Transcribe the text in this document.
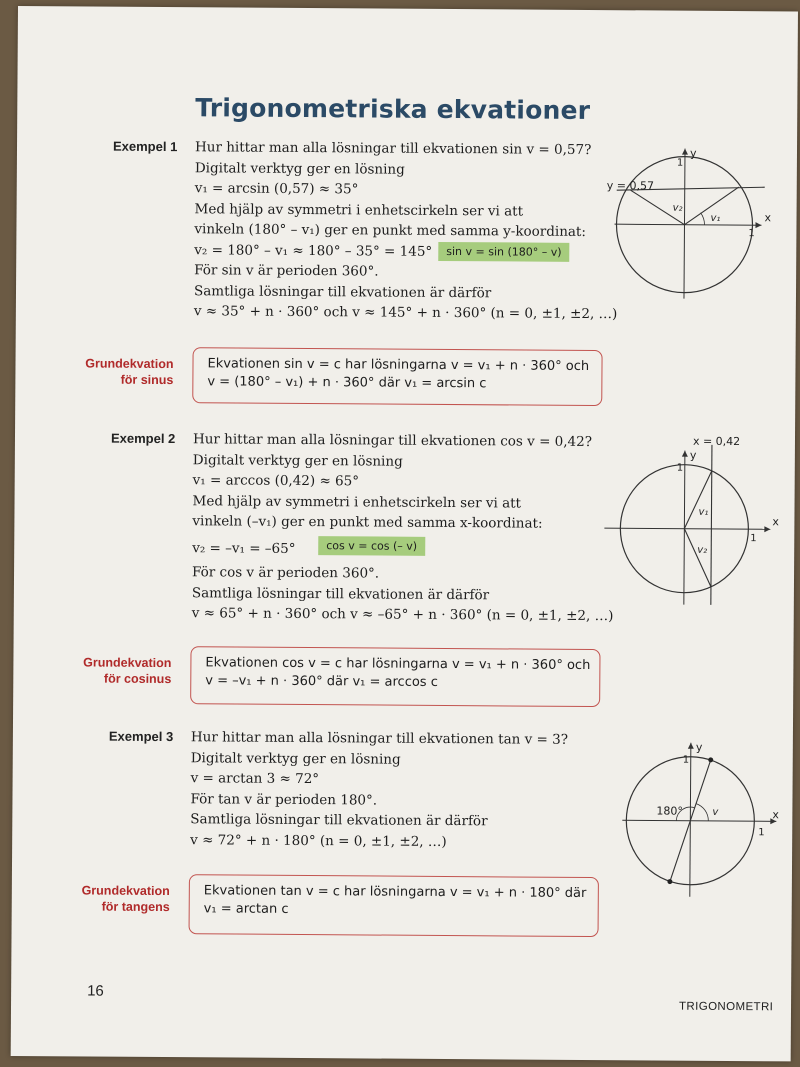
Trigonometriska ekvationer
Exempel 1 Hur hittar man alla lösningar till ekvationen sin v = 0,57?
Digitalt verktyg ger en lösning
v₁ = arcsin (0,57) ≈ 35°
Med hjälp av symmetri i enhetscirkeln ser vi att
vinkeln (180° – v₁) ger en punkt med samma y-koordinat:
v₂ = 180° – v₁ ≈ 180° – 35° = 145°
För sin v är perioden 360°.
Samtliga lösningar till ekvationen är därför
v ≈ 35° + n · 360° och v ≈ 145° + n · 360° (n = 0, ±1, ±2, …)
sin v = sin (180° – v)
y = 0,57
x
y
1
1
v₁
v₂
Grundekvation
för sinus
Ekvationen sin v = c har lösningarna v = v₁ + n · 360° och
v = (180° – v₁) + n · 360° där v₁ = arcsin c
Exempel 2 Hur hittar man alla lösningar till ekvationen cos v = 0,42?
Digitalt verktyg ger en lösning
v₁ = arccos (0,42) ≈ 65°
Med hjälp av symmetri i enhetscirkeln ser vi att
vinkeln (–v₁) ger en punkt med samma x-koordinat:
v₂ = –v₁ = –65°
För cos v är perioden 360°.
Samtliga lösningar till ekvationen är därför
v ≈ 65° + n · 360° och v ≈ –65° + n · 360° (n = 0, ±1, ±2, …)
cos v = cos (– v)
x = 0,42
x
y
1
1
v₁
v₂
Grundekvation
för cosinus
Ekvationen cos v = c har lösningarna v = v₁ + n · 360° och
v = –v₁ + n · 360° där v₁ = arccos c
Exempel 3 Hur hittar man alla lösningar till ekvationen tan v = 3?
Digitalt verktyg ger en lösning
v = arctan 3 ≈ 72°
För tan v är perioden 180°.
Samtliga lösningar till ekvationen är därför
v ≈ 72° + n · 180° (n = 0, ±1, ±2, …)
180°	v	x
y
1
1
Grundekvation
för tangens
Ekvationen tan v = c har lösningarna v = v₁ + n · 180° där
v₁ = arctan c
16
TRIGONOMETRI
